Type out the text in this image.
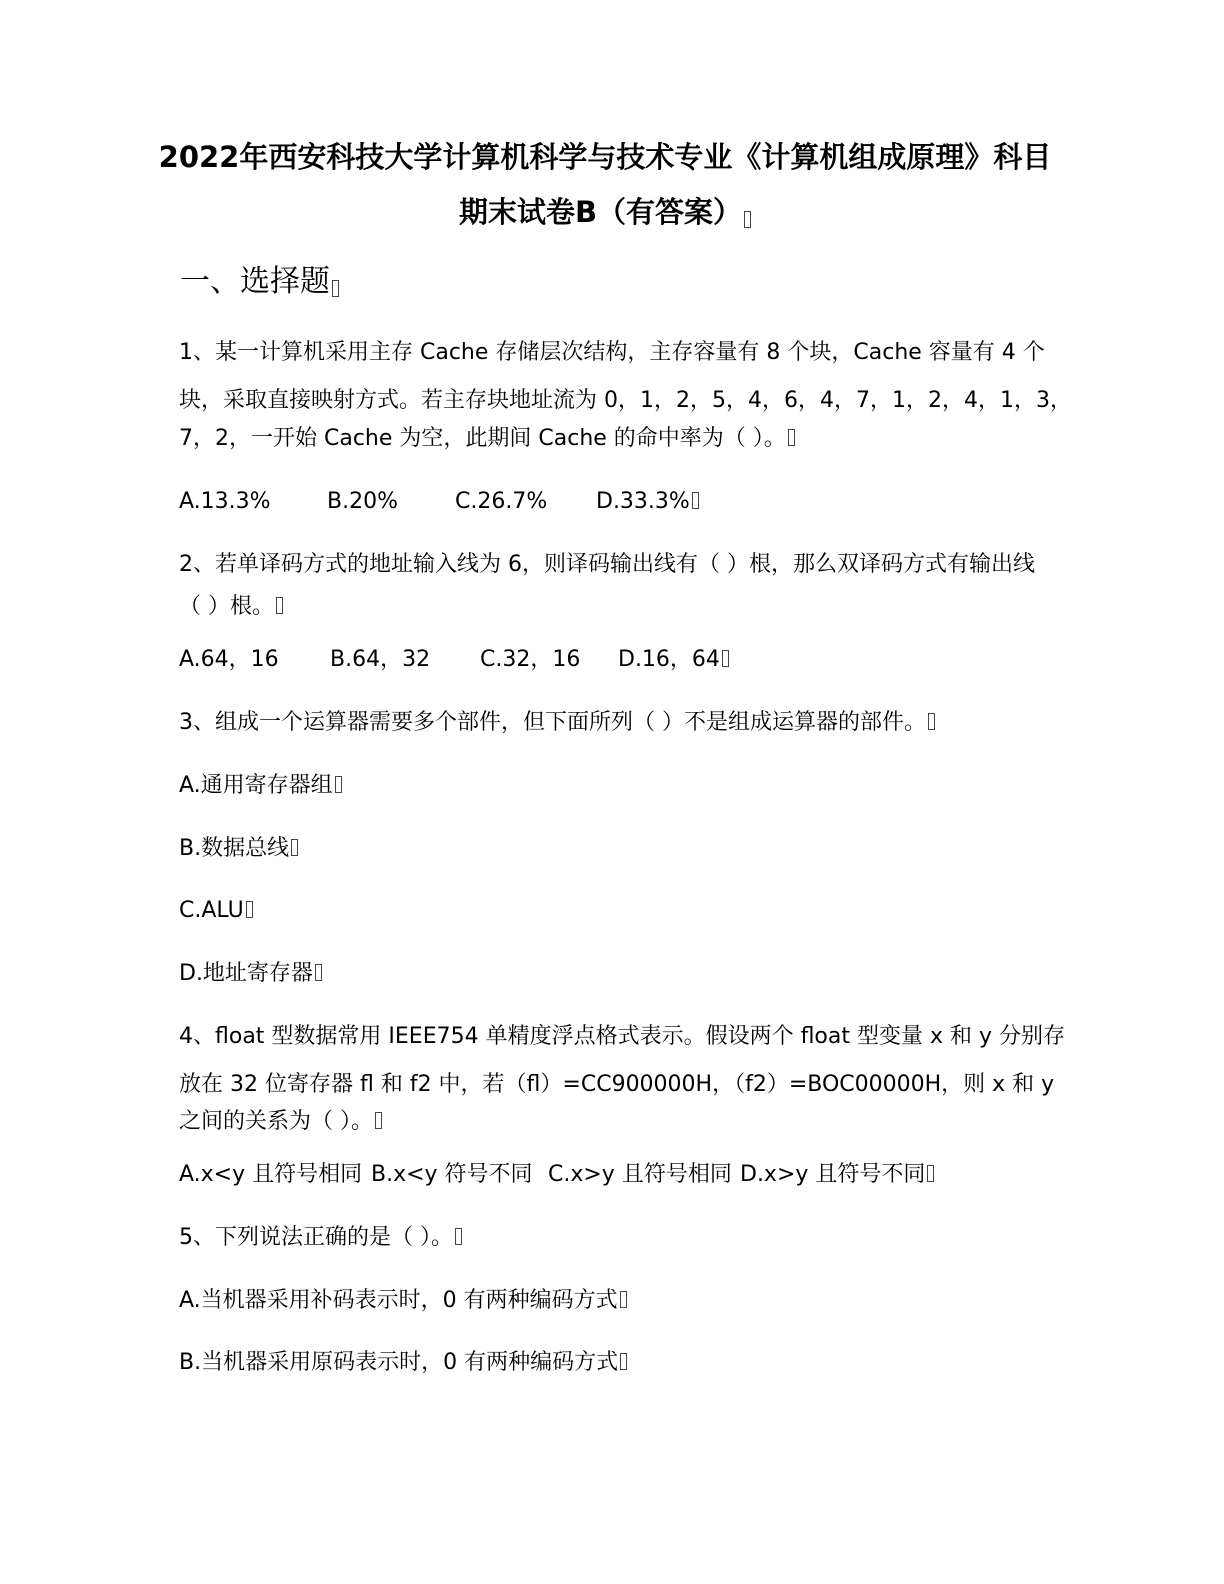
2022年西安科技大学计算机科学与技术专业《计算机组成原理》科目
期末试卷B（有答案）
一、选择题
1、某一计算机采用主存 Cache 存储层次结构，主存容量有 8 个块，Cache 容量有 4 个
块，采取直接映射方式。若主存块地址流为 0，1，2，5，4，6，4，7，1，2，4，1，3，
7，2，一开始 Cache 为空，此期间 Cache 的命中率为（ ）。
A.13.3%	B.20%	C.26.7% D.33.3%
2、若单译码方式的地址输入线为 6，则译码输出线有（ ）根，那么双译码方式有输出线
（ ）根。
A.64，16 B.64，32 C.32，16 D.16，64
3、组成一个运算器需要多个部件，但下面所列（ ）不是组成运算器的部件。
A.通用寄存器组
B.数据总线
C.ALU
D.地址寄存器
4、float 型数据常用 IEEE754 单精度浮点格式表示。假设两个 float 型变量 x 和 y 分别存
放在 32 位寄存器 fl 和 f2 中，若（fl）=CC900000H，（f2）=BOC00000H，则 x 和 y
之间的关系为（ ）。
A.x<y 且符号相同 B.x<y 符号不同 C.x>y 且符号相同 D.x>y 且符号不同
5、下列说法正确的是（ ）。
A.当机器采用补码表示时，0 有两种编码方式
B.当机器采用原码表示时，0 有两种编码方式
